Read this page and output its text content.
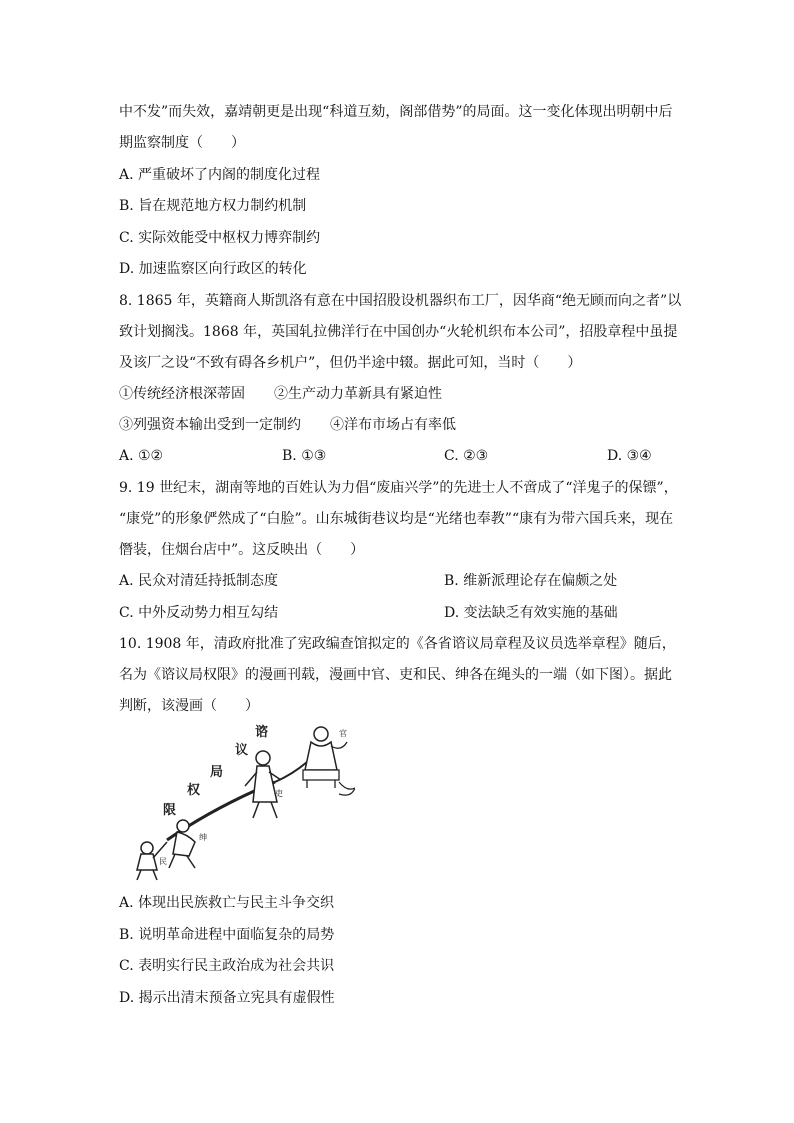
中不发”而失效，嘉靖朝更是出现“科道互劾，阁部借势”的局面。这一变化体现出明朝中后
期监察制度（　　）
A. 严重破坏了内阁的制度化过程
B. 旨在规范地方权力制约机制
C. 实际效能受中枢权力博弈制约
D. 加速监察区向行政区的转化
8. 1865 年，英籍商人斯凯洛有意在中国招股设机器织布工厂，因华商“绝无顾而向之者”以
致计划搁浅。1868 年，英国轧拉佛洋行在中国创办“火轮机织布本公司”，招股章程中虽提
及该厂之设“不致有碍各乡机户”，但仍半途中辍。据此可知，当时（　　）
①传统经济根深蒂固 ②生产动力革新具有紧迫性
③列强资本输出受到一定制约 ④洋布市场占有率低
A. ①②	B. ①③	C. ②③	D. ③④
9. 19 世纪末，湖南等地的百姓认为力倡“废庙兴学”的先进士人不啻成了“洋鬼子的保镖”，
“康党”的形象俨然成了“白脸”。山东城街巷议均是“光绪也奉教”“康有为带六国兵来，现在
僭装，住烟台店中”。这反映出（　　）
A. 民众对清廷持抵制态度	B. 维新派理论存在偏颇之处
C. 中外反动势力相互勾结	D. 变法缺乏有效实施的基础
10. 1908 年，清政府批准了宪政编查馆拟定的《各省谘议局章程及议员选举章程》随后，
名为《谘议局权限》的漫画刊载，漫画中官、吏和民、绅各在绳头的一端（如下图）。据此
判断，该漫画（　　）
谘
议
局
权
限
官
吏
绅
民
A. 体现出民族救亡与民主斗争交织
B. 说明革命进程中面临复杂的局势
C. 表明实行民主政治成为社会共识
D. 揭示出清末预备立宪具有虚假性
